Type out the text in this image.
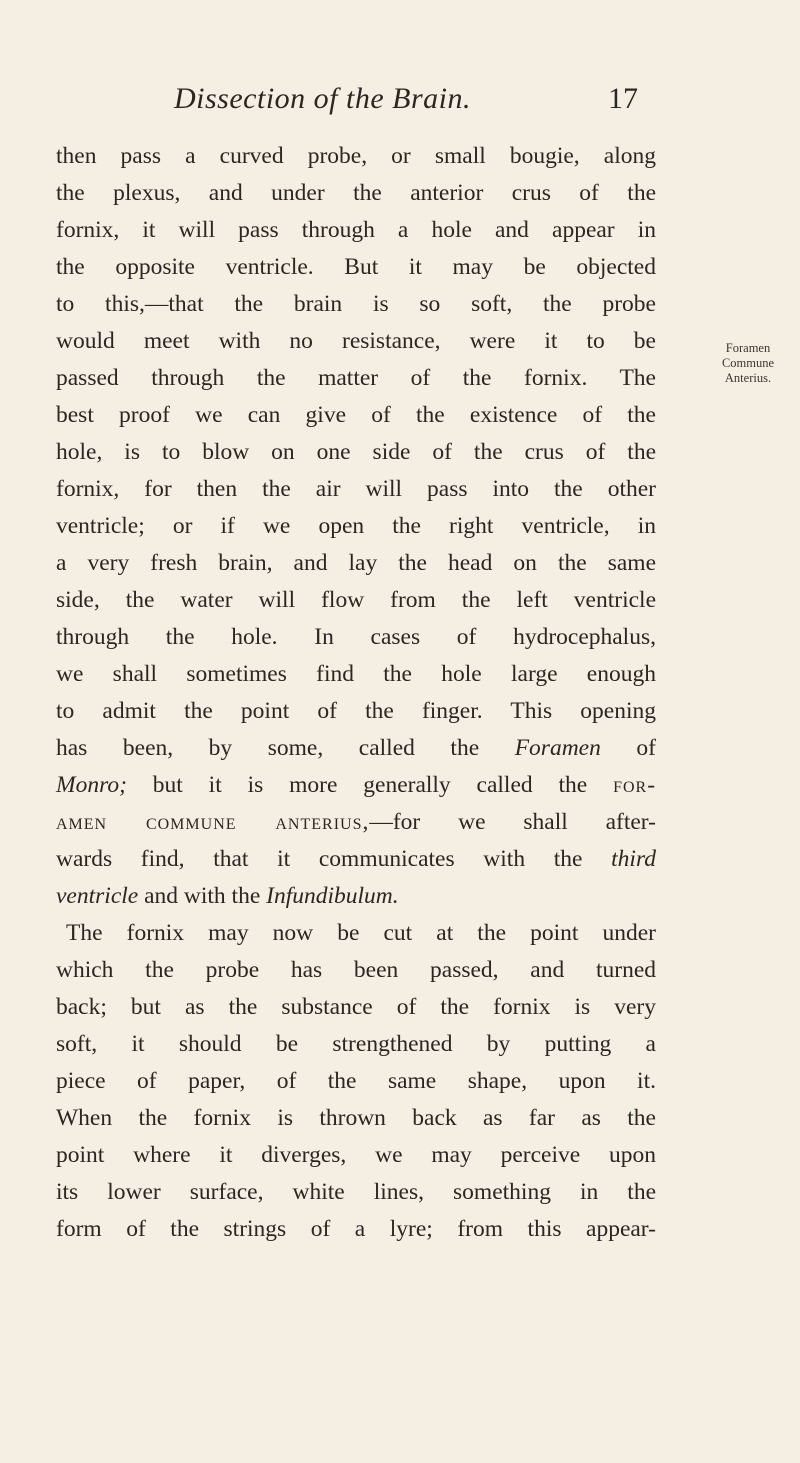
Dissection of the Brain.	17
then pass a curved probe, or small bougie, along
the plexus, and under the anterior crus of the
fornix, it will pass through a hole and appear in
the opposite ventricle. But it may be objected
to this,—that the brain is so soft, the probe
would meet with no resistance, were it to be
passed through the matter of the fornix. The
best proof we can give of the existence of the
hole, is to blow on one side of the crus of the
fornix, for then the air will pass into the other
ventricle; or if we open the right ventricle, in
a very fresh brain, and lay the head on the same
side, the water will flow from the left ventricle
through the hole. In cases of hydrocephalus,
we shall sometimes find the hole large enough
to admit the point of the finger. This opening
has been, by some, called the Foramen of
Monro; but it is more generally called the for-
amen commune anterius,—for we shall after-
wards find, that it communicates with the third
ventricle and with the Infundibulum.
The fornix may now be cut at the point under
which the probe has been passed, and turned
back; but as the substance of the fornix is very
soft, it should be strengthened by putting a
piece of paper, of the same shape, upon it.
When the fornix is thrown back as far as the
point where it diverges, we may perceive upon
its lower surface, white lines, something in the
form of the strings of a lyre; from this appear-
Foramen
Commune
Anterius.
